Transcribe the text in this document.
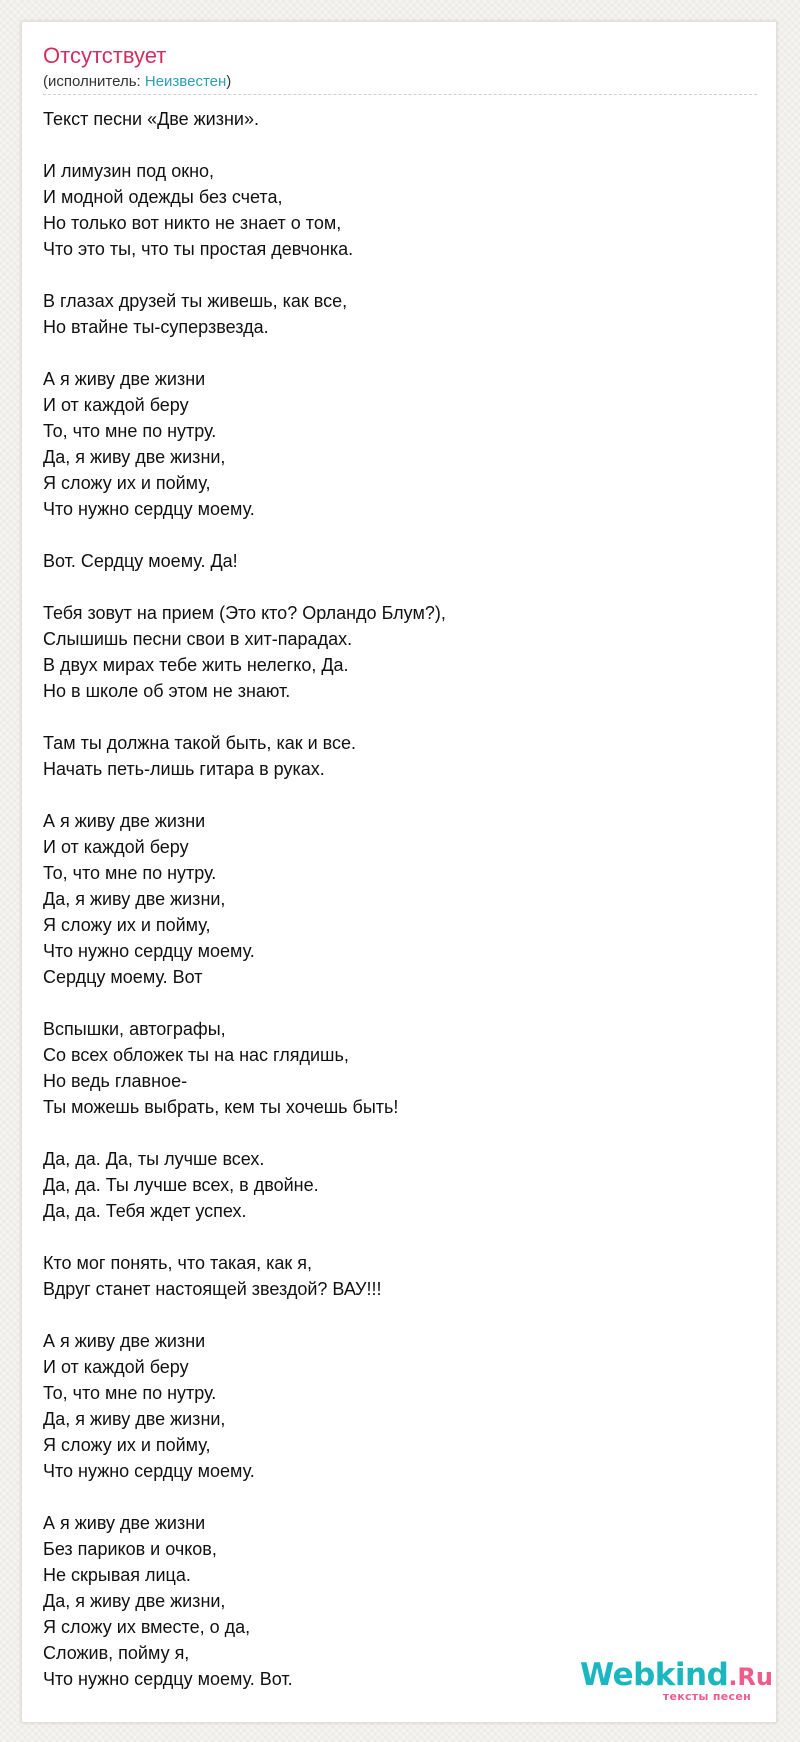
Отсутствует
(исполнитель: Неизвестен)
Текст песни «Две жизни».
И лимузин под окно,
И модной одежды без счета,
Но только вот никто не знает о том,
Что это ты, что ты простая девчонка.
В глазах друзей ты живешь, как все,
Но втайне ты-суперзвезда.
А я живу две жизни
И от каждой беру
То, что мне по нутру.
Да, я живу две жизни,
Я сложу их и пойму,
Что нужно сердцу моему.
Вот. Сердцу моему. Да!
Тебя зовут на прием (Это кто? Орландо Блум?),
Слышишь песни свои в хит-парадах.
В двух мирах тебе жить нелегко, Да.
Но в школе об этом не знают.
Там ты должна такой быть, как и все.
Начать петь-лишь гитара в руках.
А я живу две жизни
И от каждой беру
То, что мне по нутру.
Да, я живу две жизни,
Я сложу их и пойму,
Что нужно сердцу моему.
Сердцу моему. Вот
Вспышки, автографы,
Со всех обложек ты на нас глядишь,
Но ведь главное-
Ты можешь выбрать, кем ты хочешь быть!
Да, да. Да, ты лучше всех.
Да, да. Ты лучше всех, в двойне.
Да, да. Тебя ждет успех.
Кто мог понять, что такая, как я,
Вдруг станет настоящей звездой? ВАУ!!!
А я живу две жизни
И от каждой беру
То, что мне по нутру.
Да, я живу две жизни,
Я сложу их и пойму,
Что нужно сердцу моему.
А я живу две жизни
Без париков и очков,
Не скрывая лица.
Да, я живу две жизни,
Я сложу их вместе, о да,
Сложив, пойму я,
Что нужно сердцу моему. Вот.	Webkind.Ru
тексты песен
